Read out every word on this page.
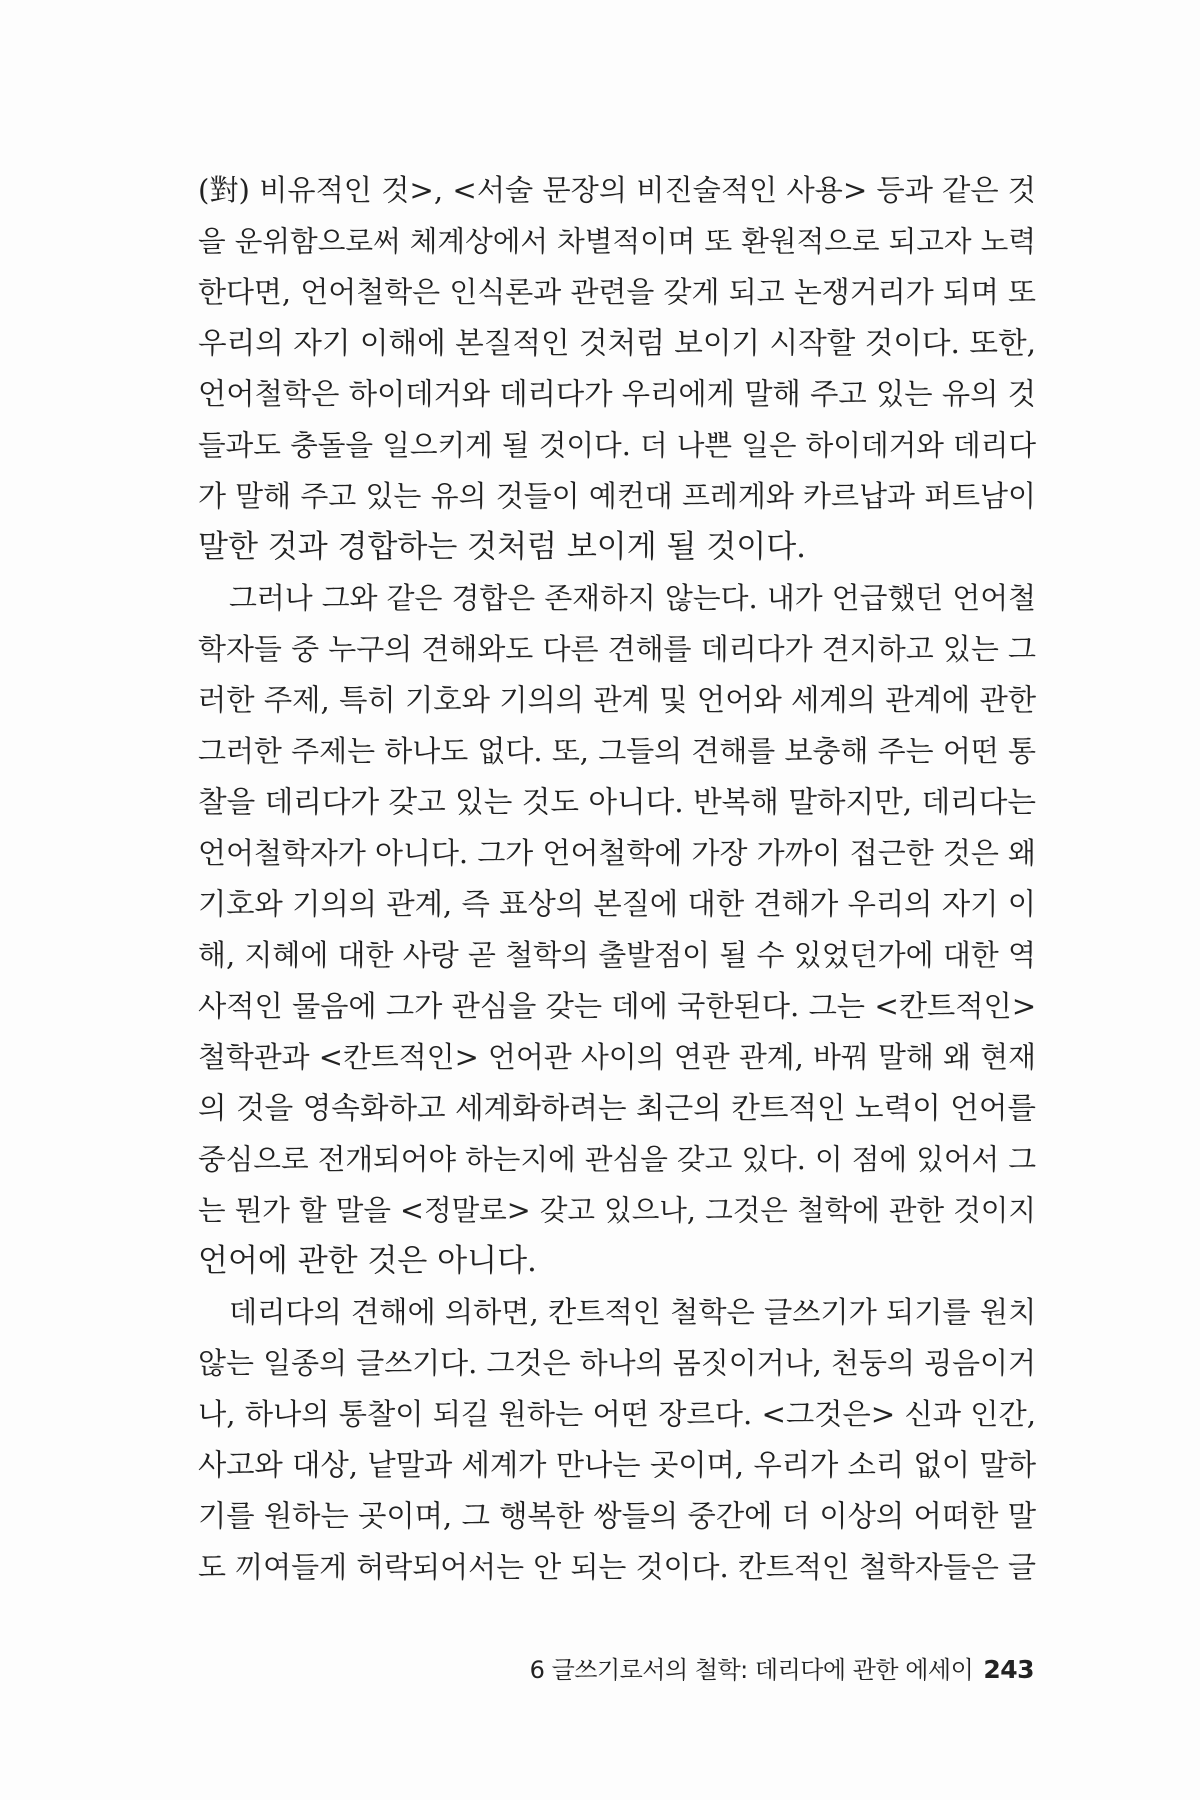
(對) 비유적인 것>, <서술 문장의 비진술적인 사용> 등과 같은 것
을 운위함으로써 체계상에서 차별적이며 또 환원적으로 되고자 노력
한다면, 언어철학은 인식론과 관련을 갖게 되고 논쟁거리가 되며 또
우리의 자기 이해에 본질적인 것처럼 보이기 시작할 것이다. 또한,
언어철학은 하이데거와 데리다가 우리에게 말해 주고 있는 유의 것
들과도 충돌을 일으키게 될 것이다. 더 나쁜 일은 하이데거와 데리다
가 말해 주고 있는 유의 것들이 예컨대 프레게와 카르납과 퍼트남이
말한 것과 경합하는 것처럼 보이게 될 것이다.
그러나 그와 같은 경합은 존재하지 않는다. 내가 언급했던 언어철
학자들 중 누구의 견해와도 다른 견해를 데리다가 견지하고 있는 그
러한 주제, 특히 기호와 기의의 관계 및 언어와 세계의 관계에 관한
그러한 주제는 하나도 없다. 또, 그들의 견해를 보충해 주는 어떤 통
찰을 데리다가 갖고 있는 것도 아니다. 반복해 말하지만, 데리다는
언어철학자가 아니다. 그가 언어철학에 가장 가까이 접근한 것은 왜
기호와 기의의 관계, 즉 표상의 본질에 대한 견해가 우리의 자기 이
해, 지혜에 대한 사랑 곧 철학의 출발점이 될 수 있었던가에 대한 역
사적인 물음에 그가 관심을 갖는 데에 국한된다. 그는 <칸트적인>
철학관과 <칸트적인> 언어관 사이의 연관 관계, 바꿔 말해 왜 현재
의 것을 영속화하고 세계화하려는 최근의 칸트적인 노력이 언어를
중심으로 전개되어야 하는지에 관심을 갖고 있다. 이 점에 있어서 그
는 뭔가 할 말을 <정말로> 갖고 있으나, 그것은 철학에 관한 것이지
언어에 관한 것은 아니다.
데리다의 견해에 의하면, 칸트적인 철학은 글쓰기가 되기를 원치
않는 일종의 글쓰기다. 그것은 하나의 몸짓이거나, 천둥의 굉음이거
나, 하나의 통찰이 되길 원하는 어떤 장르다. <그것은> 신과 인간,
사고와 대상, 낱말과 세계가 만나는 곳이며, 우리가 소리 없이 말하
기를 원하는 곳이며, 그 행복한 쌍들의 중간에 더 이상의 어떠한 말
도 끼여들게 허락되어서는 안 되는 것이다. 칸트적인 철학자들은 글
6 글쓰기로서의 철학: 데리다에 관한 에세이 243
